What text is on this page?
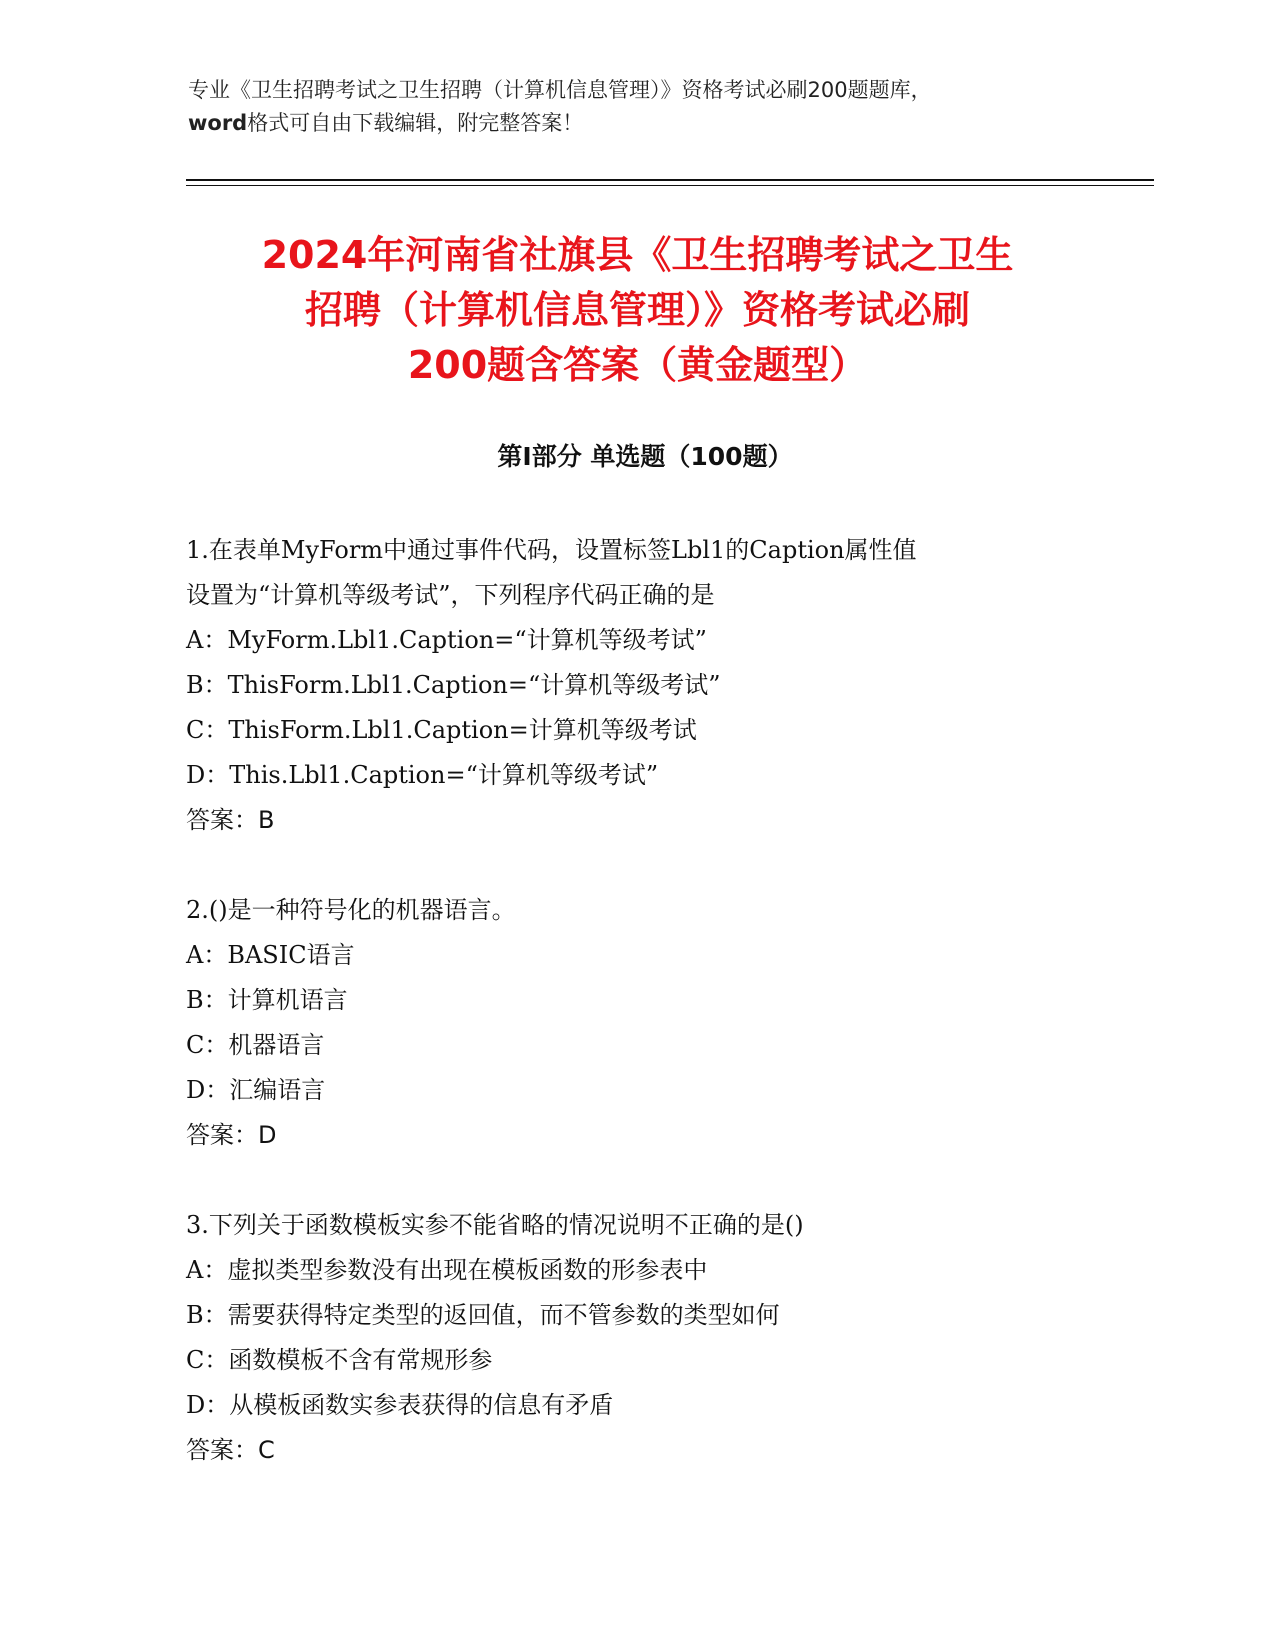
专业《卫生招聘考试之卫生招聘（计算机信息管理）》资格考试必刷200题题库，
word格式可自由下载编辑，附完整答案！
2024年河南省社旗县《卫生招聘考试之卫生
招聘（计算机信息管理）》资格考试必刷
200题含答案（黄金题型）
第Ⅰ部分 单选题（100题）
1.在表单MyForm中通过事件代码，设置标签Lbl1的Caption属性值
设置为“计算机等级考试”，下列程序代码正确的是
A：MyForm.Lbl1.Caption=“计算机等级考试”
B：ThisForm.Lbl1.Caption=“计算机等级考试”
C：ThisForm.Lbl1.Caption=计算机等级考试
D：This.Lbl1.Caption=“计算机等级考试”
答案：B
2.()是一种符号化的机器语言。
A：BASIC语言
B：计算机语言
C：机器语言
D：汇编语言
答案：D
3.下列关于函数模板实参不能省略的情况说明不正确的是()
A：虚拟类型参数没有出现在模板函数的形参表中
B：需要获得特定类型的返回值，而不管参数的类型如何
C：函数模板不含有常规形参
D：从模板函数实参表获得的信息有矛盾
答案：C
